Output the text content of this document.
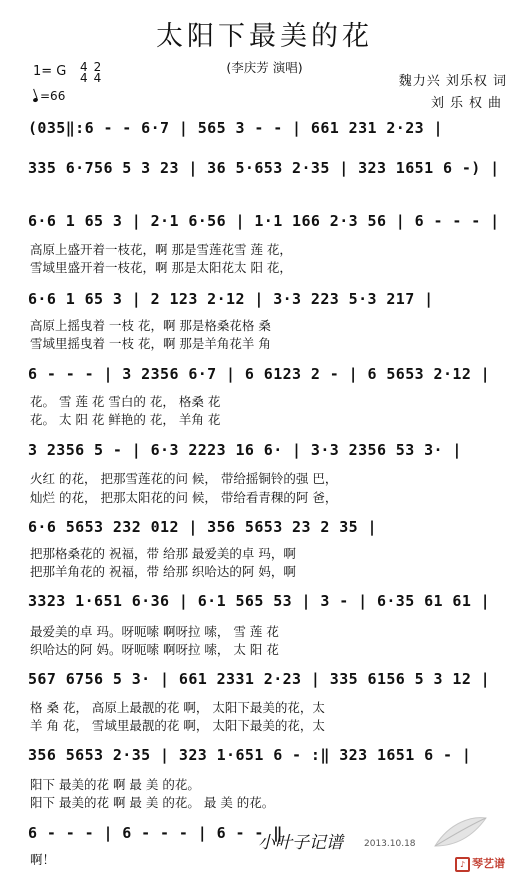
太阳下最美的花
(李庆芳 演唱)
魏力兴 刘乐权 词
刘乐权曲
1= G 4
4
2
4
=66
(035‖:6 - - 6·7 | 565 3 - - | 661 231 2·23 |
335 6·756 5 3 23 | 36 5·653 2·35 | 323 1651 6 -) |
6·6 1 65 3 | 2·1 6·56 | 1·1 166 2·3 56 | 6 - - - |
高原上盛开着一枝花，啊 那是雪莲花雪 莲 花，
雪域里盛开着一枝花，啊 那是太阳花太 阳 花，
6·6 1 65 3 | 2 123 2·12 | 3·3 223 5·3 217 |
高原上摇曳着 一枝 花，啊 那是格桑花格 桑
雪域里摇曳着 一枝 花，啊 那是羊角花羊 角
6 - - - | 3 2356 6·7 | 6 6123 2 - | 6 5653 2·12 |
花。 雪 莲 花 雪白的 花， 格桑 花
花。 太 阳 花 鲜艳的 花， 羊角 花
3 2356 5 - | 6·3 2223 16 6· | 3·3 2356 53 3· |
火红 的花， 把那雪莲花的问 候， 带给摇铜铃的强 巴，
灿烂 的花， 把那太阳花的问 候， 带给看青稞的阿 爸，
6·6 5653 232 012 | 356 5653 23 2 35 |
把那格桑花的 祝福，带 给那 最爱美的卓 玛，啊
把那羊角花的 祝福，带 给那 织哈达的阿 妈，啊
3323 1·651 6·36 | 6·1 565 53 | 3 - | 6·35 61 61 |
最爱美的卓 玛。呀呃嗦 啊呀拉 嗦， 雪 莲 花
织哈达的阿 妈。呀呃嗦 啊呀拉 嗦， 太 阳 花
567 6756 5 3· | 661 2331 2·23 | 335 6156 5 3 12 |
格 桑 花， 高原上最靓的花 啊， 太阳下最美的花，太
羊 角 花， 雪域里最靓的花 啊， 太阳下最美的花，太
356 5653 2·35 | 323 1·651 6 - :‖ 323 1651 6 - |
阳下 最美的花 啊 最 美 的花。
阳下 最美的花 啊 最 美 的花。 最 美 的花。
6 - - - | 6 - - - | 6 - - ‖
啊！
小叶子记谱 2013.10.18
♪ 琴艺谱
